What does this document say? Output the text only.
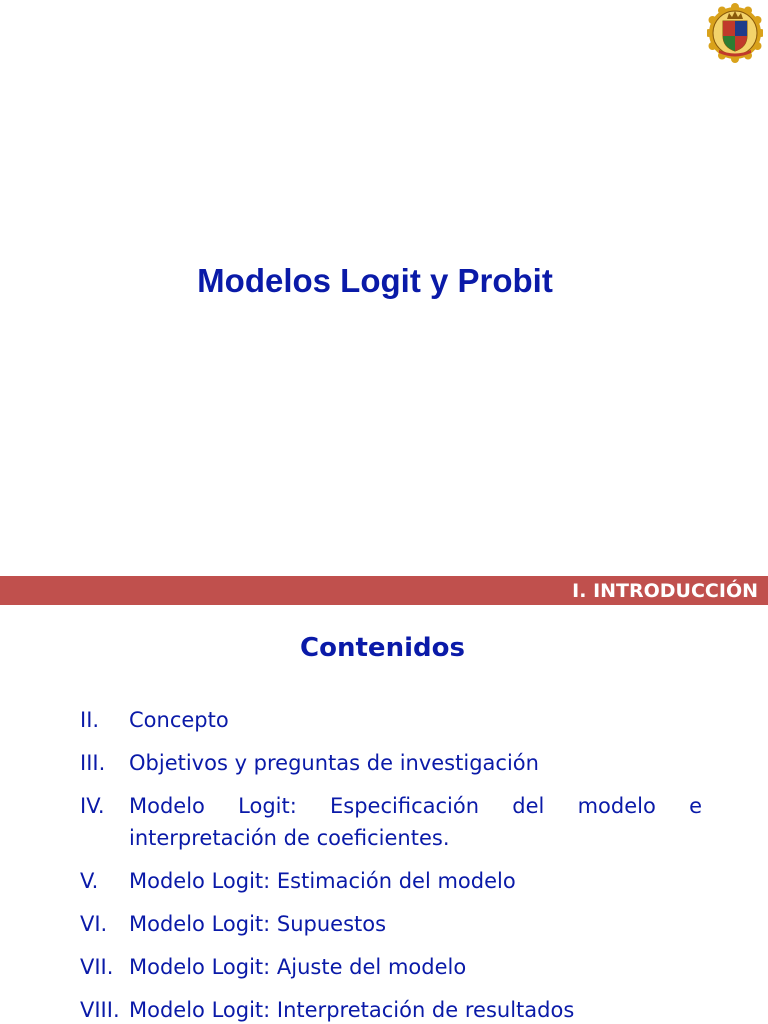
Modelos Logit y Probit
I. INTRODUCCIÓN
Contenidos
II.	Concepto
III.	Objetivos y preguntas de investigación
IV.	Modelo Logit: Especificación del modelo e interpretación de coeficientes.
V.	Modelo Logit: Estimación del modelo
VI.	Modelo Logit: Supuestos
VII. Modelo Logit: Ajuste del modelo
VIII. Modelo Logit: Interpretación de resultados
